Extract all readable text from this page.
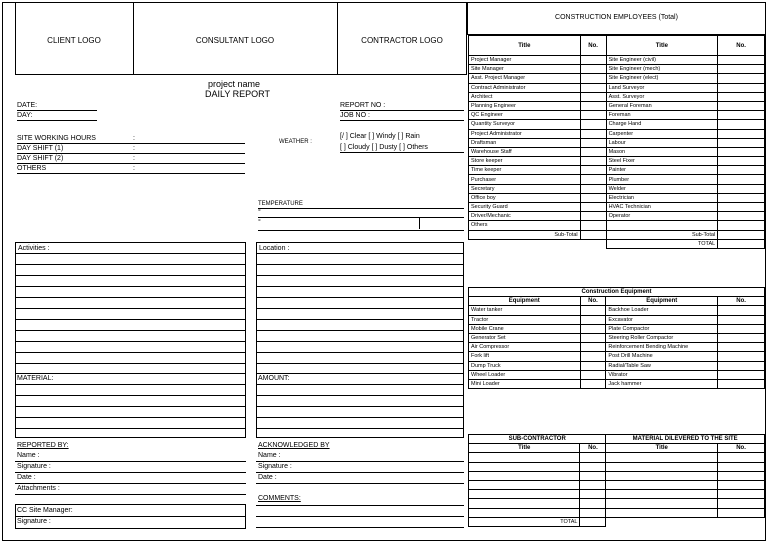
CLIENT LOGO	CONSULTANT LOGO	CONTRACTOR LOGO
project name
DAILY REPORT
DATE:
DAY:
REPORT NO :
JOB NO :
SITE WORKING HOURS	:
DAY SHIFT (1)	:
DAY SHIFT (2)	:
OTHERS	:
WEATHER :
[/ ] Clear [ ] Windy [ ] Rain
[ ] Cloudy [ ] Dusty [ ] Others
TEMPERATURE
°
°
Activities :	Location :
MATERIAL:	AMOUNT:
REPORTED BY:
Name :
Signature :
Date :
Attachments :
CC Site Manager:
Signature :
ACKNOWLEDGED BY
Name :
Signature :
Date :
COMMENTS:
CONSTRUCTION EMPLOYEES (Total)
Title	No.	Title	No.
Project Manager		Site Engineer (civil)	
Site Manager		Site Engineer (mech)	
Asst. Project Manager		Site Engineer (elect)	
Contract Administrator		Land Surveyor	
Architect		Asst. Surveyor	
Planning Engineer		General Foreman	
QC Engineer		Foreman	
Quantity Surveyor		Charge Hand	
Project Administrator		Carpenter	
Draftsman		Labour	
Warehouse Staff		Mason	
Store keeper		Steel Fixer	
Time keeper		Painter	
Purchaser		Plumber	
Secretary		Welder	
Office boy		Electrician	
Security Guard		HVAC Technician	
Driver/Mechanic		Operator	
Others			
Sub-Total		Sub-Total	
		TOTAL	
Construction Equipment			
Equipment	No.	Equipment	No.
Water tanker		Backhoe Loader	
Tractor		Excavator	
Mobile Crane		Plate Compactor	
Generator Set		Steering Roller Compactor	
Air Compressor		Reinforcement Bending Machine	
Fork lift		Post Drill Machine	
Dump Truck		Radial/Table Saw	
Wheel Loader		Vibrator	
Mini Loader		Jack hammer	
SUB-CONTRACTOR		MATERIAL DILEVERED TO THE SITE	
Title	No.	Title	No.

TOTAL			
